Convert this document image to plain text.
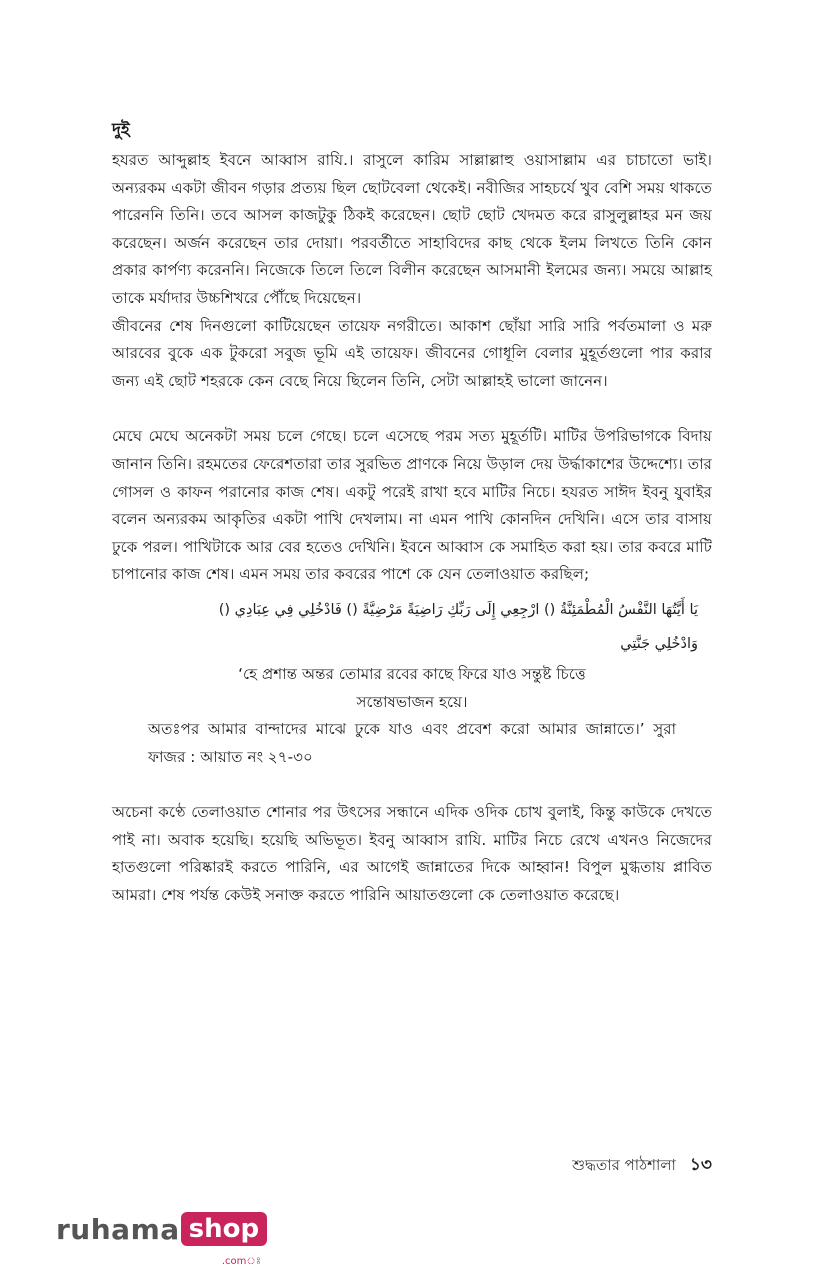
দুই

হযরত আব্দুল্লাহ ইবনে আব্বাস রাযি.। রাসুলে কারিম সাল্লাল্লাহু ওয়াসাল্লাম এর চাচাতো ভাই। অন্যরকম একটা জীবন গড়ার প্রত্যয় ছিল ছোটবেলা থেকেই। নবীজির সাহচর্যে খুব বেশি সময় থাকতে পারেননি তিনি। তবে আসল কাজটুকু ঠিকই করেছেন। ছোট ছোট খেদমত করে রাসুলুল্লাহর মন জয় করেছেন। অর্জন করেছেন তার দোয়া। পরবর্তীতে সাহাবিদের কাছ থেকে ইলম লিখতে তিনি কোন প্রকার কার্পণ্য করেননি। নিজেকে তিলে তিলে বিলীন করেছেন আসমানী ইলমের জন্য। সময়ে আল্লাহ তাকে মর্যাদার উচ্চশিখরে পৌঁছে দিয়েছেন।

জীবনের শেষ দিনগুলো কাটিয়েছেন তায়েফ নগরীতে। আকাশ ছোঁয়া সারি সারি পর্বতমালা ও মরু আরবের বুকে এক টুকরো সবুজ ভূমি এই তায়েফ। জীবনের গোধূলি বেলার মুহূর্তগুলো পার করার জন্য এই ছোট শহরকে কেন বেছে নিয়ে ছিলেন তিনি, সেটা আল্লাহই ভালো জানেন।

মেঘে মেঘে অনেকটা সময় চলে গেছে। চলে এসেছে পরম সত্য মুহূর্তটি। মাটির উপরিভাগকে বিদায় জানান তিনি। রহমতের ফেরেশতারা তার সুরভিত প্রাণকে নিয়ে উড়াল দেয় উর্দ্ধাকাশের উদ্দেশ্যে। তার গোসল ও কাফন পরানোর কাজ শেষ। একটু পরেই রাখা হবে মাটির নিচে। হযরত সাঈদ ইবনু যুবাইর বলেন অন্যরকম আকৃতির একটা পাখি দেখলাম। না এমন পাখি কোনদিন দেখিনি। এসে তার বাসায় ঢুকে পরল। পাখিটাকে আর বের হতেও দেখিনি। ইবনে আব্বাস কে সমাহিত করা হয়। তার কবরে মাটি চাপানোর কাজ শেষ। এমন সময় তার কবরের পাশে কে যেন তেলাওয়াত করছিল;

يَا أَيَّتُهَا النَّفْسُ الْمُطْمَئِنَّةُ () ارْجِعِي إِلَى رَبِّكِ رَاضِيَةً مَرْضِيَّةً () فَادْخُلِي فِي عِبَادِي ()
وَادْخُلِي جَنَّتِي
‘হে প্রশান্ত অন্তর তোমার রবের কাছে ফিরে যাও সন্তুষ্ট চিত্তে সন্তোষভাজন হয়ে।
অতঃপর আমার বান্দাদের মাঝে ঢুকে যাও এবং প্রবেশ করো আমার জান্নাতে।’ সুরা ফাজর : আয়াত নং ২৭-৩০

অচেনা কণ্ঠে তেলাওয়াত শোনার পর উৎসের সন্ধানে এদিক ওদিক চোখ বুলাই, কিন্তু কাউকে দেখতে পাই না। অবাক হয়েছি। হয়েছি অভিভূত। ইবনু আব্বাস রাযি. মাটির নিচে রেখে এখনও নিজেদের হাতগুলো পরিষ্কারই করতে পারিনি, এর আগেই জান্নাতের দিকে আহ্বান! বিপুল মুগ্ধতায় প্লাবিত আমরা। শেষ পর্যন্ত কেউই সনাক্ত করতে পারিনি আয়াতগুলো কে তেলাওয়াত করেছে।

শুদ্ধতার পাঠশালা ১৩
ruhama shop
.comঃ
